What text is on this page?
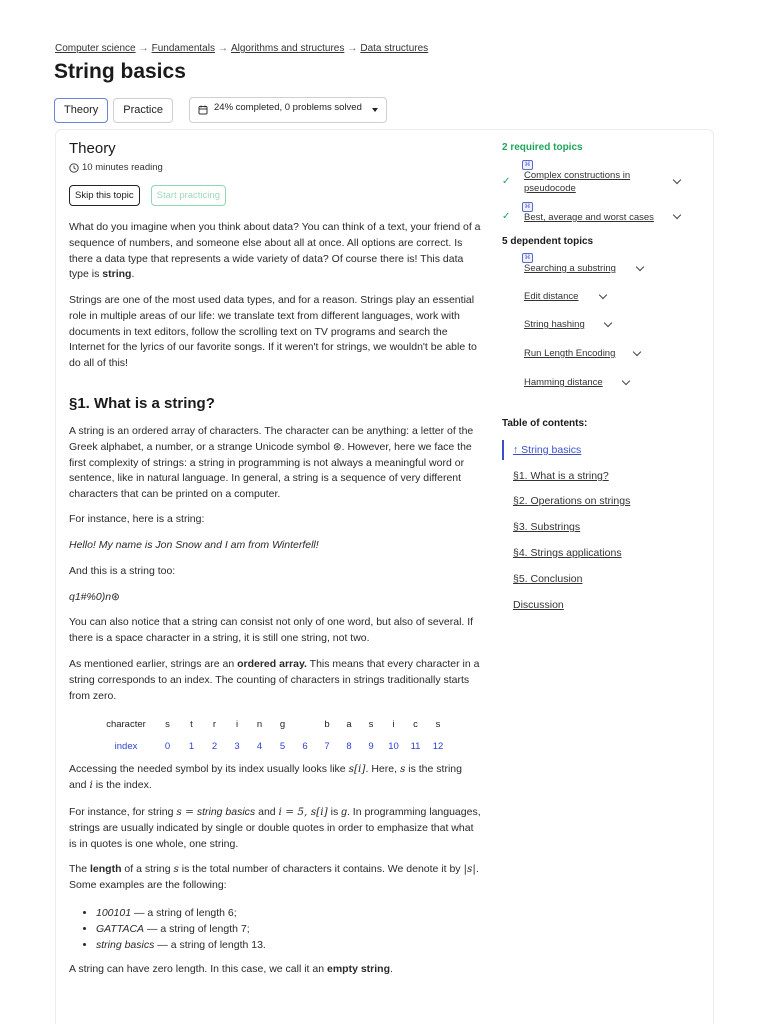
Computer science → Fundamentals → Algorithms and structures → Data structures
String basics
Theory	Practice	24% completed, 0 problems solved
Theory
10 minutes reading
Skip this topic	Start practicing
What do you imagine when you think about data? You can think of a text, your friend of a sequence of numbers, and someone else about all at once. All options are correct. Is there a data type that represents a wide variety of data? Of course there is! This data type is string.
Strings are one of the most used data types, and for a reason. Strings play an essential role in multiple areas of our life: we translate text from different languages, work with documents in text editors, follow the scrolling text on TV programs and search the Internet for the lyrics of our favorite songs. If it weren't for strings, we wouldn't be able to do all of this!
§1. What is a string?
A string is an ordered array of characters. The character can be anything: a letter of the Greek alphabet, a number, or a strange Unicode symbol ⊛. However, here we face the first complexity of strings: a string in programming is not always a meaningful word or sentence, like in natural language. In general, a string is a sequence of very different characters that can be printed on a computer.
For instance, here is a string:
Hello! My name is Jon Snow and I am from Winterfell!
And this is a string too:
q1#%0)n⊛
You can also notice that a string can consist not only of one word, but also of several. If there is a space character in a string, it is still one string, not two.
As mentioned earlier, strings are an ordered array. This means that every character in a string corresponds to an index. The counting of characters in strings traditionally starts from zero.
character	s	t	r	i	n	g		b	a	s	i	c	s
index	0	1	2	3	4	5	6	7	8	9	10	11	12
Accessing the needed symbol by its index usually looks like s[i]. Here, s is the string and i is the index.
For instance, for string s = string basics and i = 5, s[i] is g. In programming languages, strings are usually indicated by single or double quotes in order to emphasize that what is in quotes is one whole, one string.
The length of a string s is the total number of characters it contains. We denote it by |s|. Some examples are the following:
• 100101 — a string of length 6;
• GATTACA — a string of length 7;
• string basics — a string of length 13.
A string can have zero length. In this case, we call it an empty string.
2 required topics
⌘
✓
Complex constructions in pseudocode
⌘
✓ Best, average and worst cases
5 dependent topics
⌘
Searching a substring
Edit distance
String hashing
Run Length Encoding
Hamming distance
Table of contents:
↑ String basics
§1. What is a string?
§2. Operations on strings
§3. Substrings
§4. Strings applications
§5. Conclusion
Discussion
